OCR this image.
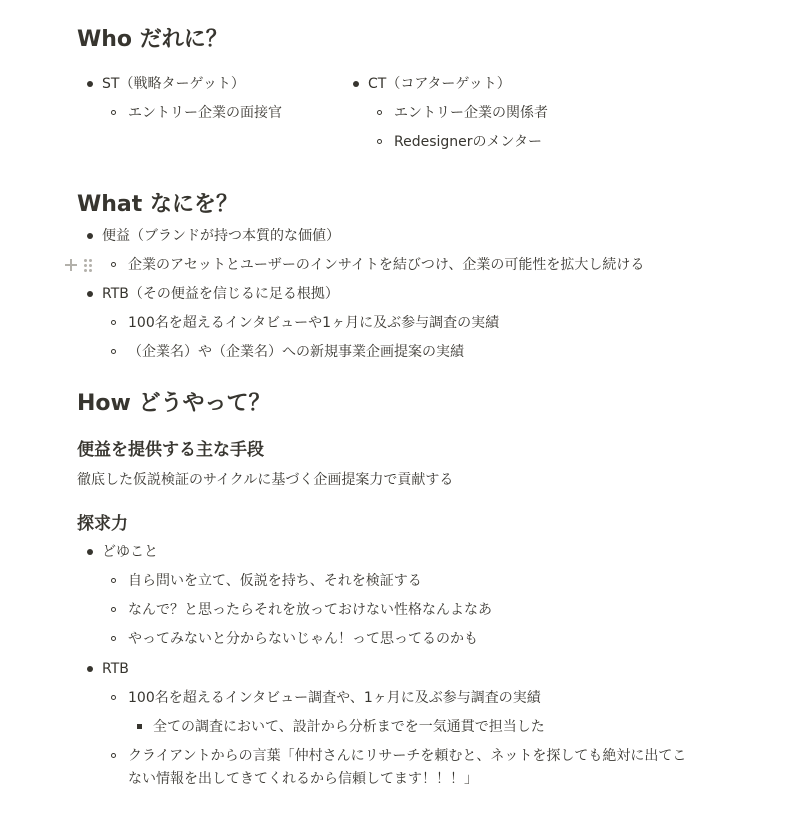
Who だれに？
ST（戦略ターゲット）
エントリー企業の面接官
CT（コアターゲット）
エントリー企業の関係者
Redesignerのメンター
What なにを？
便益（ブランドが持つ本質的な価値）
企業のアセットとユーザーのインサイトを結びつけ、企業の可能性を拡大し続ける
RTB（その便益を信じるに足る根拠）
100名を超えるインタビューや1ヶ月に及ぶ参与調査の実績
（企業名）や（企業名）への新規事業企画提案の実績
How どうやって？
便益を提供する主な手段
徹底した仮説検証のサイクルに基づく企画提案力で貢献する
探求力
どゆこと
自ら問いを立て、仮説を持ち、それを検証する
なんで？と思ったらそれを放っておけない性格なんよなあ
やってみないと分からないじゃん！って思ってるのかも
RTB
100名を超えるインタビュー調査や、1ヶ月に及ぶ参与調査の実績
全ての調査において、設計から分析までを一気通貫で担当した
クライアントからの言葉「仲村さんにリサーチを頼むと、ネットを探しても絶対に出てこ
ない情報を出してきてくれるから信頼してます！！！」
